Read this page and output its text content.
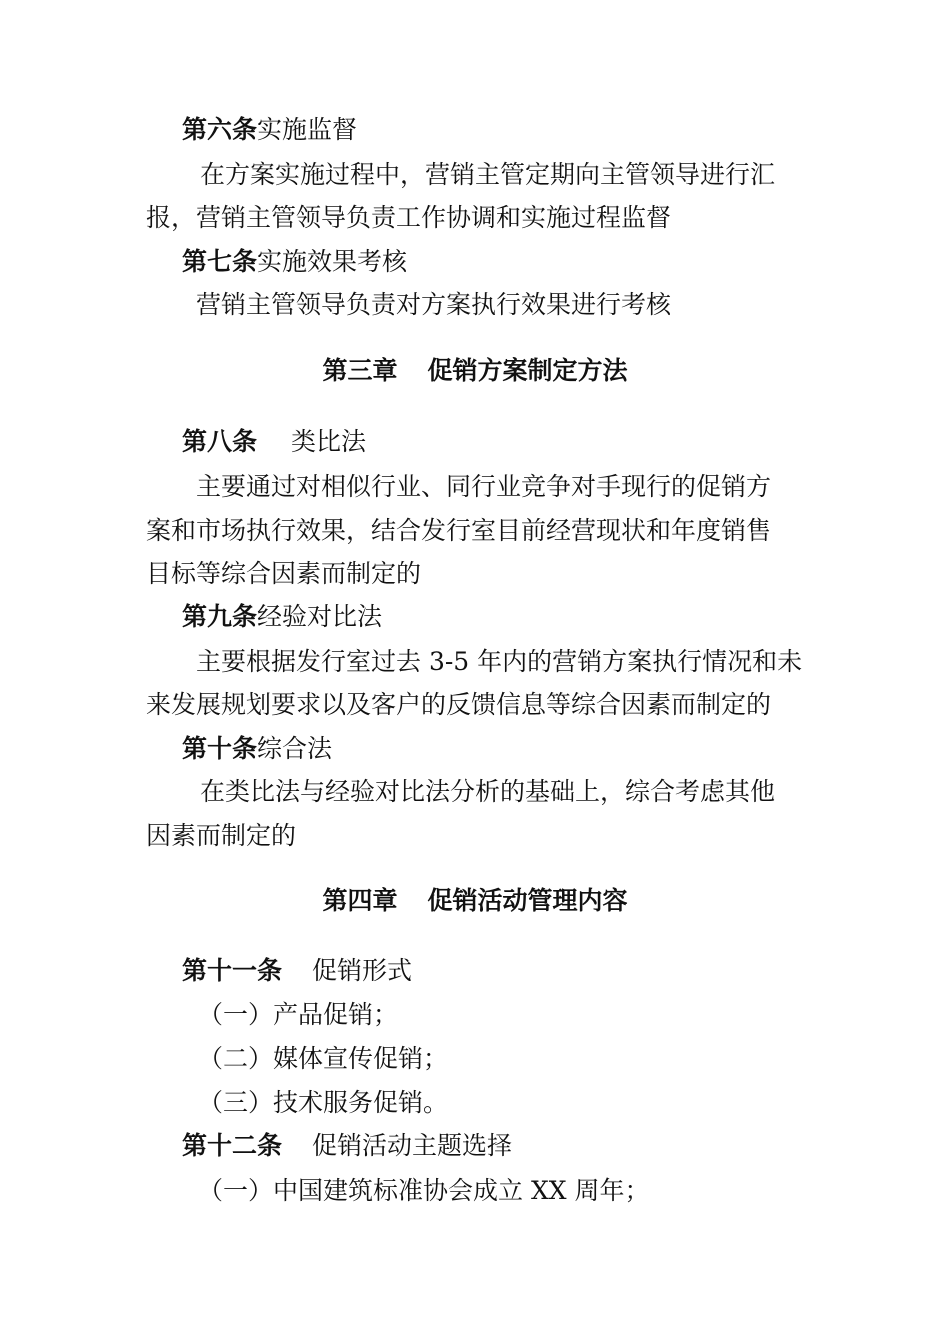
第六条实施监督
在方案实施过程中，营销主管定期向主管领导进行汇
报，营销主管领导负责工作协调和实施过程监督
第七条实施效果考核
营销主管领导负责对方案执行效果进行考核
第三章 促销方案制定方法
第八条 类比法
主要通过对相似行业、同行业竞争对手现行的促销方
案和市场执行效果，结合发行室目前经营现状和年度销售
目标等综合因素而制定的
第九条经验对比法
主要根据发行室过去 3-5 年内的营销方案执行情况和未
来发展规划要求以及客户的反馈信息等综合因素而制定的
第十条综合法
在类比法与经验对比法分析的基础上，综合考虑其他
因素而制定的
第四章 促销活动管理内容
第十一条 促销形式
（一）产品促销；
（二）媒体宣传促销；
（三）技术服务促销。
第十二条 促销活动主题选择
（一）中国建筑标准协会成立 XX 周年；
